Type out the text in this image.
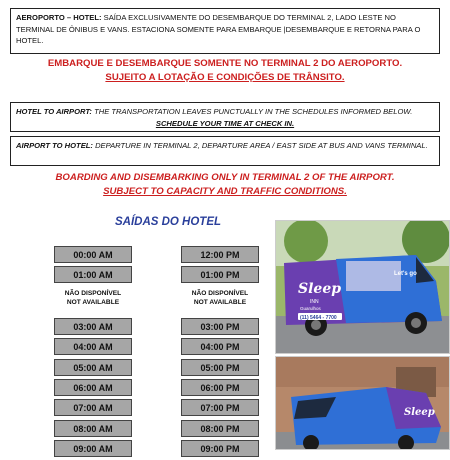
AEROPORTO – HOTEL: SAÍDA EXCLUSIVAMENTE DO DESEMBARQUE DO TERMINAL 2, LADO LESTE NO TERMINAL DE ÔNIBUS E VANS. ESTACIONA SOMENTE PARA EMBARQUE |DESEMBARQUE E RETORNA PARA O HOTEL.
EMBARQUE E DESEMBARQUE SOMENTE NO TERMINAL 2 DO AEROPORTO.
SUJEITO A LOTAÇÃO E CONDIÇÕES DE TRÂNSITO.
HOTEL TO AIRPORT: THE TRANSPORTATION LEAVES PUNCTUALLY IN THE SCHEDULES INFORMED BELOW.
SCHEDULE YOUR TIME AT CHECK IN.
AIRPORT TO HOTEL: DEPARTURE IN TERMINAL 2, DEPARTURE AREA / EAST SIDE AT BUS AND VANS TERMINAL.
BOARDING AND DISEMBARKING ONLY IN TERMINAL 2 OF THE AIRPORT.
SUBJECT TO CAPACITY AND TRAFFIC CONDITIONS.
SAÍDAS DO HOTEL
00:00 AM
01:00 AM
NÃO DISPONÍVEL
NOT AVAILABLE
03:00 AM
04:00 AM
05:00 AM
06:00 AM
07:00 AM
08:00 AM
09:00 AM
12:00 PM
01:00 PM
NÃO DISPONÍVEL
NOT AVAILABLE
03:00 PM
04:00 PM
05:00 PM
06:00 PM
07:00 PM
08:00 PM
09:00 PM
Sleep
INN
Guarulhos
(11) 5464 - 7700
Let's go
Sleep
